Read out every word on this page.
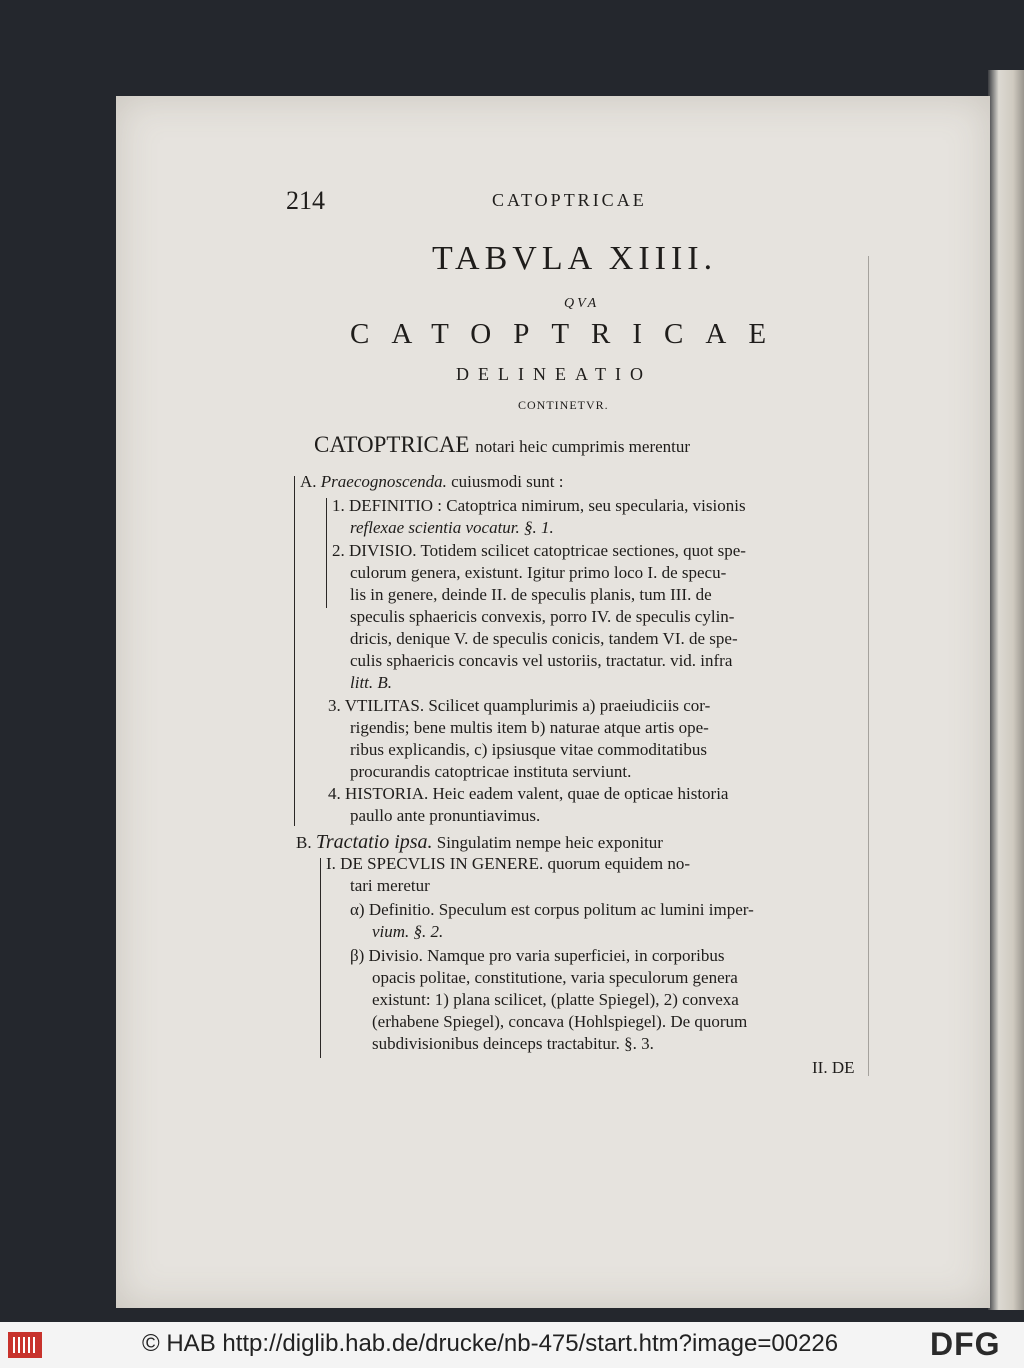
214	CATOPTRICAE
TABVLA XIIII.
QVA
CATOPTRICAE
DELINEATIO
CONTINETVR.
CATOPTRICAE notari heic cumprimis merentur
A. Praecognoscenda. cuiusmodi sunt :
1. DEFINITIO : Catoptrica nimirum, seu specularia, visionis
reflexae scientia vocatur. §. 1.
2. DIVISIO. Totidem scilicet catoptricae sectiones, quot spe-
culorum genera, existunt. Igitur primo loco I. de specu-
lis in genere, deinde II. de speculis planis, tum III. de
speculis sphaericis convexis, porro IV. de speculis cylin-
dricis, denique V. de speculis conicis, tandem VI. de spe-
culis sphaericis concavis vel ustoriis, tractatur. vid. infra
litt. B.
3. VTILITAS. Scilicet quamplurimis a) praeiudiciis cor-
rigendis; bene multis item b) naturae atque artis ope-
ribus explicandis, c) ipsiusque vitae commoditatibus
procurandis catoptricae instituta serviunt.
4. HISTORIA. Heic eadem valent, quae de opticae historia
paullo ante pronuntiavimus.
B. Tractatio ipsa. Singulatim nempe heic exponitur
I. DE SPECVLIS IN GENERE. quorum equidem no-
tari meretur
α) Definitio. Speculum est corpus politum ac lumini imper-
vium. §. 2.
β) Divisio. Namque pro varia superficiei, in corporibus
opacis politae, constitutione, varia speculorum genera
existunt: 1) plana scilicet, (platte Spiegel), 2) convexa
(erhabene Spiegel), concava (Hohlspiegel). De quorum
subdivisionibus deinceps tractabitur. §. 3.
II. DE
© HAB http://diglib.hab.de/drucke/nb-475/start.htm?image=00226	DFG
